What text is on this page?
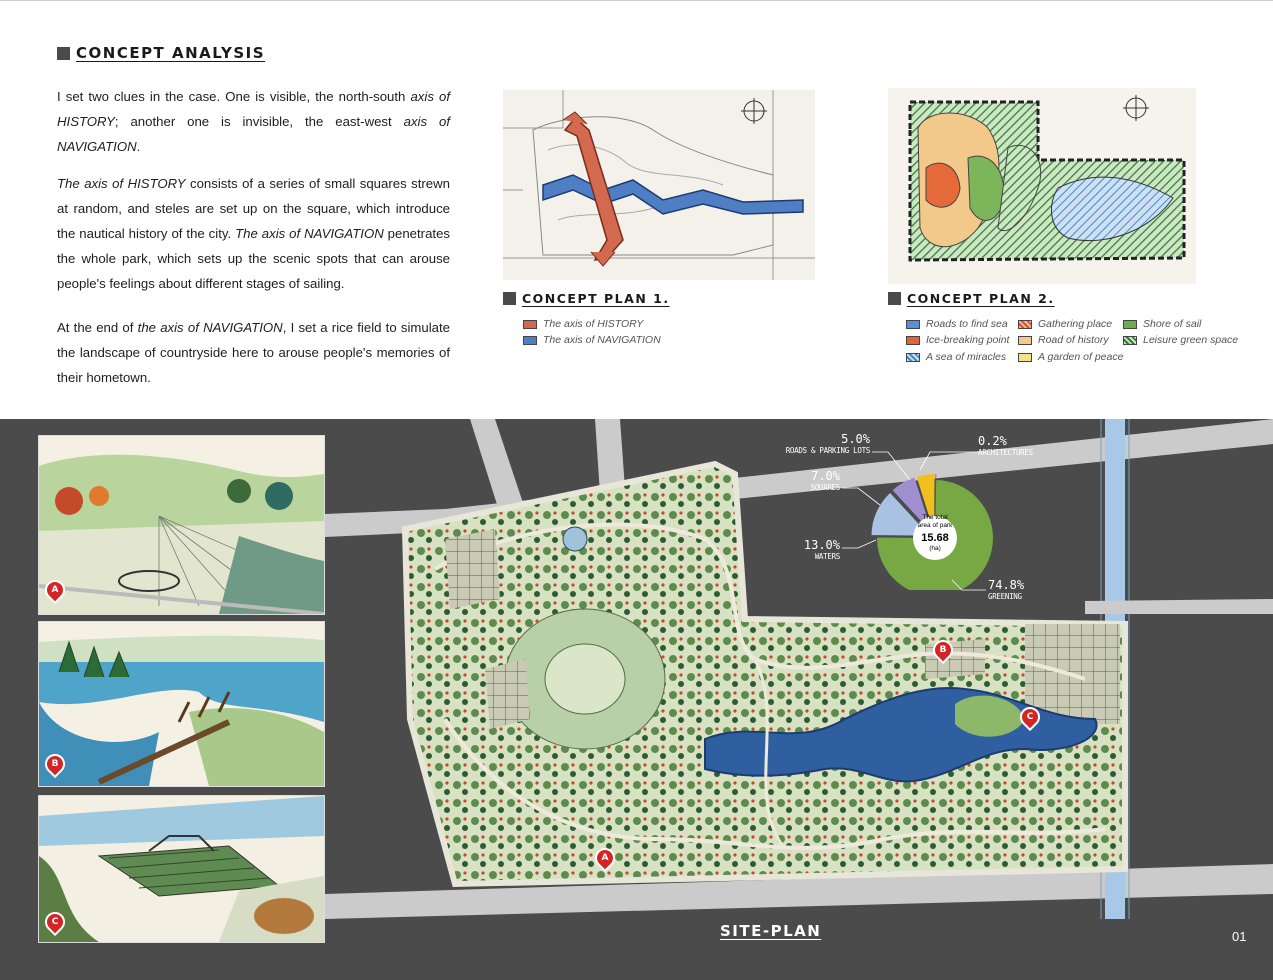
CONCEPT ANALYSIS

I set two clues in the case. One is visible, the north-south axis of HISTORY; another one is invisible, the east-west axis of NAVIGATION.

The axis of HISTORY consists of a series of small squares strewn at random, and steles are set up on the square, which introduce the nautical history of the city. The axis of NAVIGATION penetrates the whole park, which sets up the scenic spots that can arouse people's feelings about different stages of sailing.

At the end of the axis of NAVIGATION, I set a rice field to simulate the landscape of countryside here to arouse people's memories of their hometown.

CONCEPT PLAN 1.
The axis of HISTORY
The axis of NAVIGATION
CONCEPT PLAN 2.
Roads to find sea	Gathering place	Shore of sail
Ice-breaking point	Road of history	Leisure green space
A sea of miracles	A garden of peace
A
B
C
A
B
C
The total
area of park
15.68
(ha)
5.0%
ROADS & PARKING LOTS
0.2%
ARCHITECTURES
7.0%
SQUARES
13.0%
WATERS
74.8%
GREENING
SITE-PLAN	01
